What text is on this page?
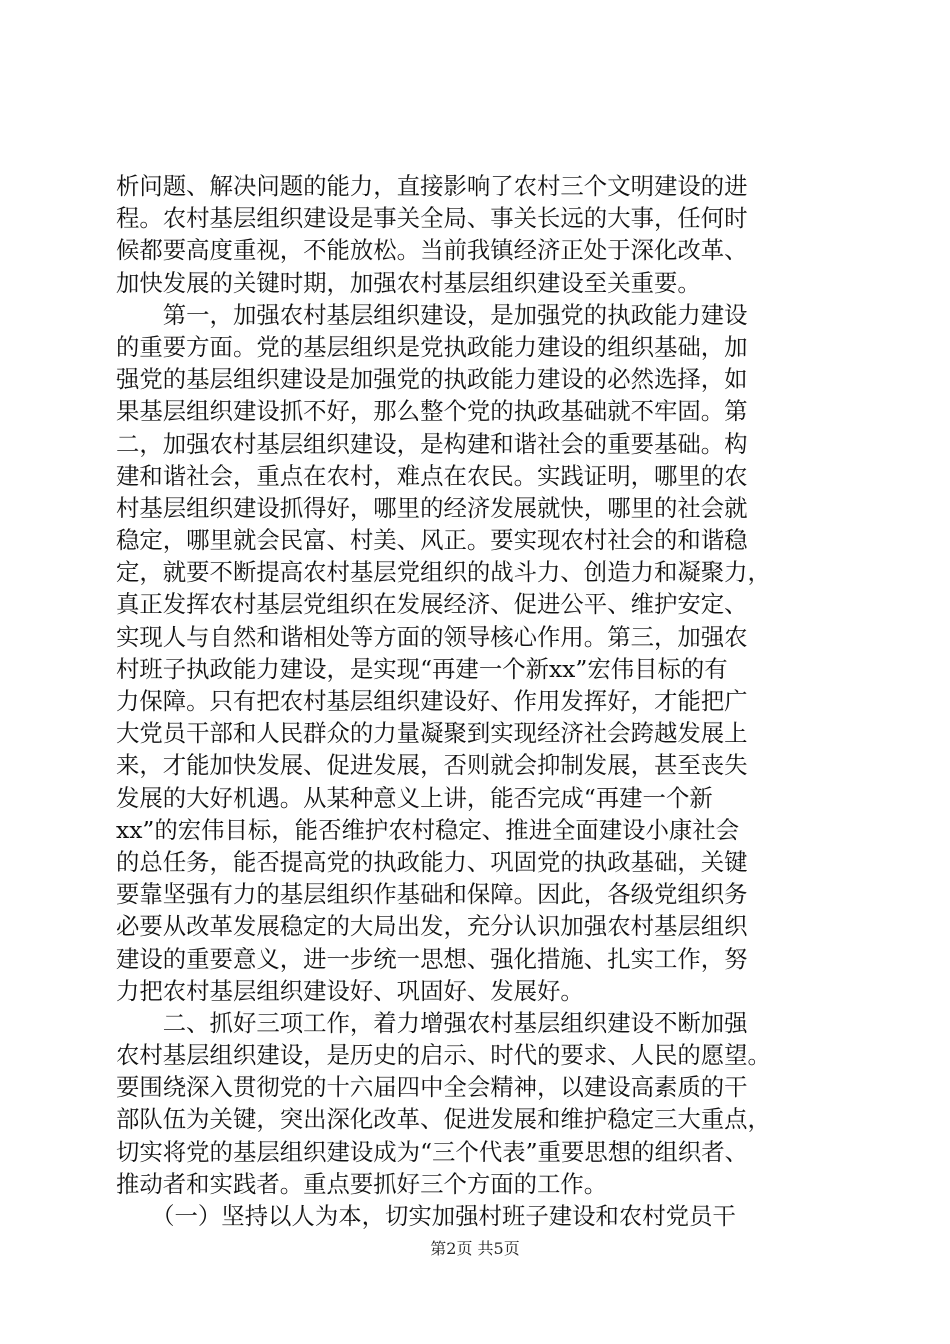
析问题、解决问题的能力，直接影响了农村三个文明建设的进
程。农村基层组织建设是事关全局、事关长远的大事，任何时
候都要高度重视，不能放松。当前我镇经济正处于深化改革、
加快发展的关键时期，加强农村基层组织建设至关重要。
　　第一，加强农村基层组织建设，是加强党的执政能力建设
的重要方面。党的基层组织是党执政能力建设的组织基础，加
强党的基层组织建设是加强党的执政能力建设的必然选择，如
果基层组织建设抓不好，那么整个党的执政基础就不牢固。第
二，加强农村基层组织建设，是构建和谐社会的重要基础。构
建和谐社会，重点在农村，难点在农民。实践证明，哪里的农
村基层组织建设抓得好，哪里的经济发展就快，哪里的社会就
稳定，哪里就会民富、村美、风正。要实现农村社会的和谐稳
定，就要不断提高农村基层党组织的战斗力、创造力和凝聚力，
真正发挥农村基层党组织在发展经济、促进公平、维护安定、
实现人与自然和谐相处等方面的领导核心作用。第三，加强农
村班子执政能力建设，是实现“再建一个新xx”宏伟目标的有
力保障。只有把农村基层组织建设好、作用发挥好，才能把广
大党员干部和人民群众的力量凝聚到实现经济社会跨越发展上
来，才能加快发展、促进发展，否则就会抑制发展，甚至丧失
发展的大好机遇。从某种意义上讲，能否完成“再建一个新
xx”的宏伟目标，能否维护农村稳定、推进全面建设小康社会
的总任务，能否提高党的执政能力、巩固党的执政基础，关键
要靠坚强有力的基层组织作基础和保障。因此，各级党组织务
必要从改革发展稳定的大局出发，充分认识加强农村基层组织
建设的重要意义，进一步统一思想、强化措施、扎实工作，努
力把农村基层组织建设好、巩固好、发展好。
　　二、抓好三项工作，着力增强农村基层组织建设不断加强
农村基层组织建设，是历史的启示、时代的要求、人民的愿望。
要围绕深入贯彻党的十六届四中全会精神，以建设高素质的干
部队伍为关键，突出深化改革、促进发展和维护稳定三大重点，
切实将党的基层组织建设成为“三个代表”重要思想的组织者、
推动者和实践者。重点要抓好三个方面的工作。
　　（一）坚持以人为本，切实加强村班子建设和农村党员干
第2页 共5页
